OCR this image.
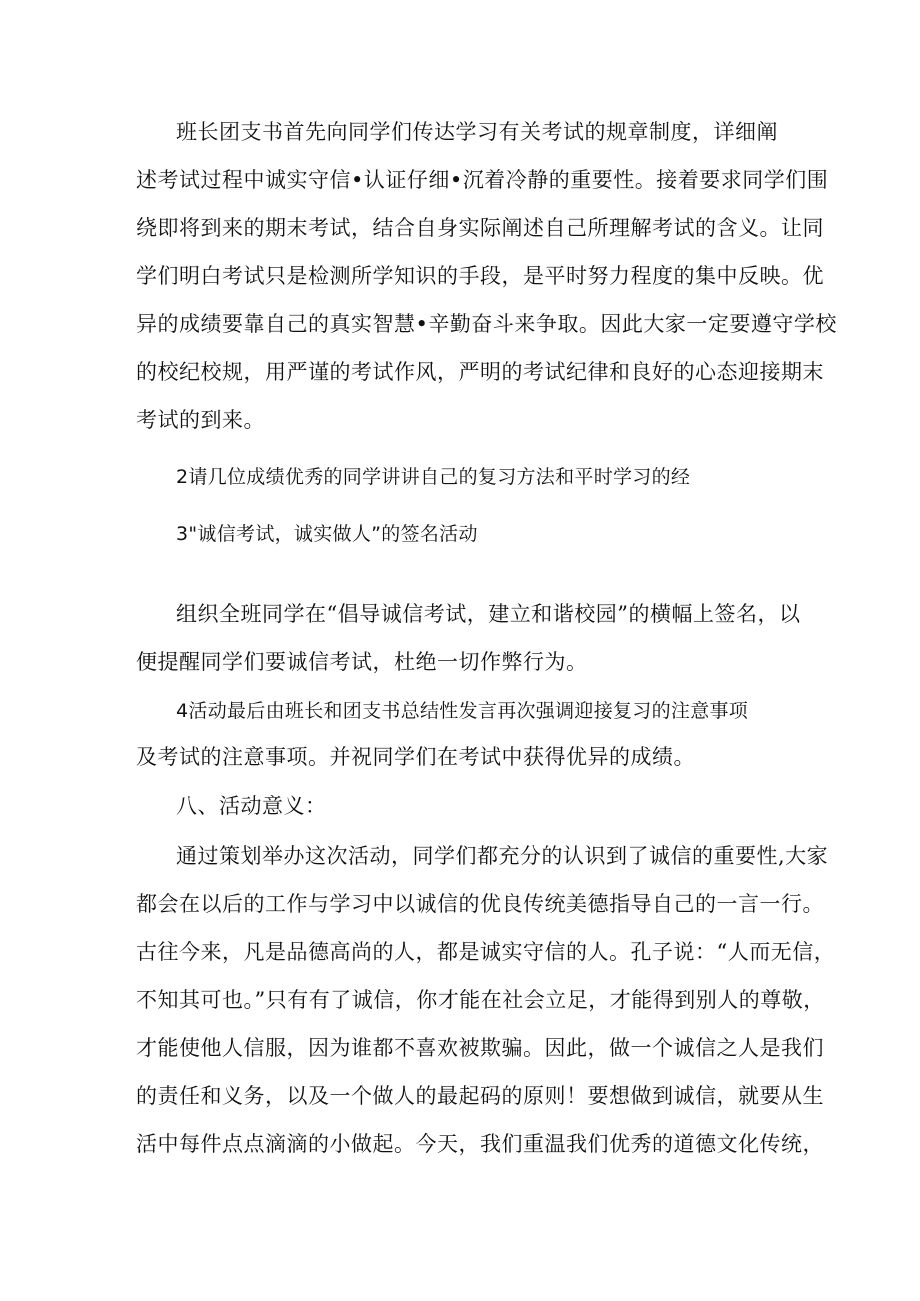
班长团支书首先向同学们传达学习有关考试的规章制度，详细阐
述考试过程中诚实守信•认证仔细•沉着冷静的重要性。接着要求同学们围
绕即将到来的期末考试，结合自身实际阐述自己所理解考试的含义。让同
学们明白考试只是检测所学知识的手段，是平时努力程度的集中反映。优
异的成绩要靠自己的真实智慧•辛勤奋斗来争取。因此大家一定要遵守学校
的校纪校规，用严谨的考试作风，严明的考试纪律和良好的心态迎接期末
考试的到来。
2请几位成绩优秀的同学讲讲自己的复习方法和平时学习的经
3"诚信考试，诚实做人”的签名活动
组织全班同学在“倡导诚信考试，建立和谐校园”的横幅上签名，以
便提醒同学们要诚信考试，杜绝一切作弊行为。
4活动最后由班长和团支书总结性发言再次强调迎接复习的注意事项
及考试的注意事项。并祝同学们在考试中获得优异的成绩。
八、活动意义：
通过策划举办这次活动，同学们都充分的认识到了诚信的重要性,大家
都会在以后的工作与学习中以诚信的优良传统美德指导自己的一言一行。
古往今来，凡是品德高尚的人，都是诚实守信的人。孔子说：“人而无信，
不知其可也。”只有有了诚信，你才能在社会立足，才能得到别人的尊敬，
才能使他人信服，因为谁都不喜欢被欺骗。因此，做一个诚信之人是我们
的责任和义务，以及一个做人的最起码的原则！要想做到诚信，就要从生
活中每件点点滴滴的小做起。今天，我们重温我们优秀的道德文化传统，
